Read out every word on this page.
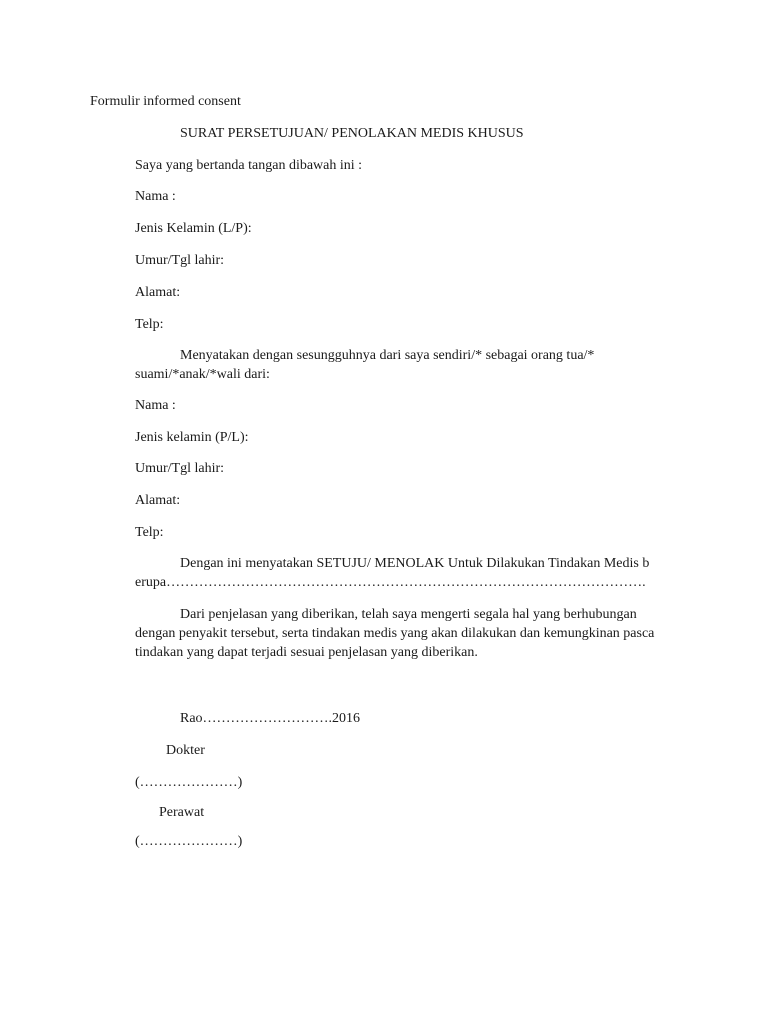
Formulir informed consent
SURAT PERSETUJUAN/ PENOLAKAN MEDIS KHUSUS
Saya yang bertanda tangan dibawah ini :
Nama :
Jenis Kelamin (L/P):
Umur/Tgl lahir:
Alamat:
Telp:
Menyatakan dengan sesungguhnya dari saya sendiri/* sebagai orang tua/* suami/*anak/*wali dari:
Nama :
Jenis kelamin (P/L):
Umur/Tgl lahir:
Alamat:
Telp:
Dengan ini menyatakan SETUJU/ MENOLAK Untuk Dilakukan Tindakan Medis berupa………………………………………………………………………………………….
Dari penjelasan yang diberikan, telah saya mengerti segala hal yang berhubungan dengan penyakit tersebut, serta tindakan medis yang akan dilakukan dan kemungkinan pasca tindakan yang dapat terjadi sesuai penjelasan yang diberikan.
Rao……………………….2016
Dokter
(…………………)
Perawat
(…………………)
